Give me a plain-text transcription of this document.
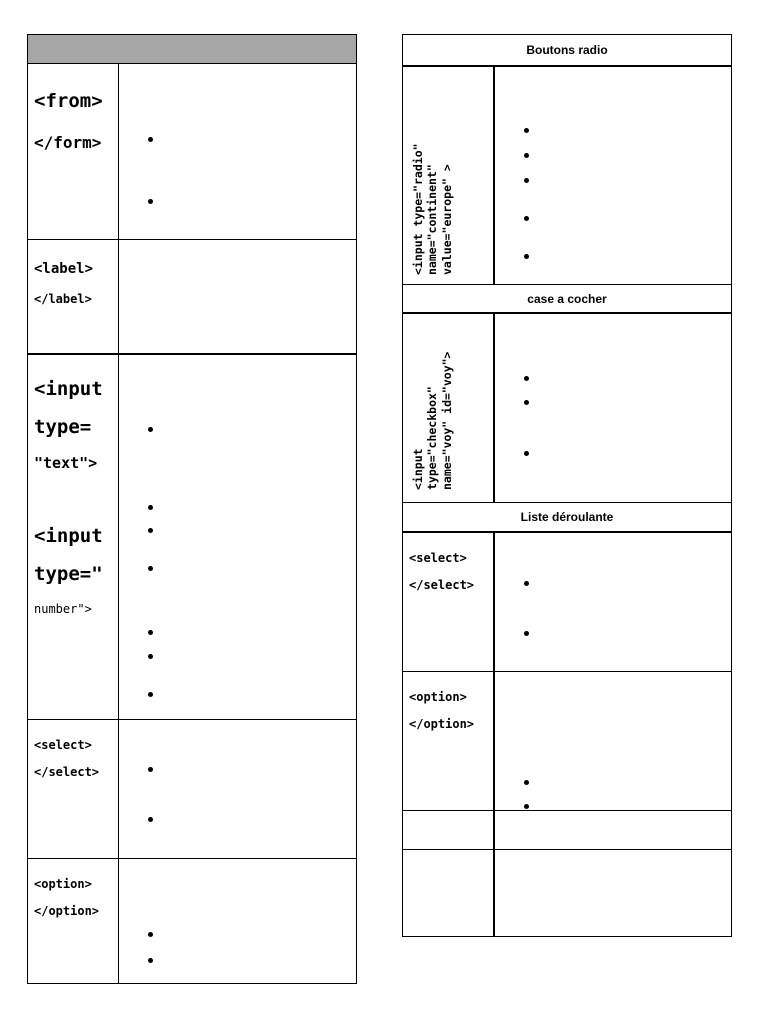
<from>

</form>

<label>

</label>

<input

type=

"text">

<input

type="

number">

<select>

</select>

<option>

</option>

Boutons radio
<input type="radio"
name="continent"
value="europe" >
case a cocher
<input
type="checkbox"
name="voy" id="voy">
Liste déroulante

<select>

</select>

<option>

</option>
